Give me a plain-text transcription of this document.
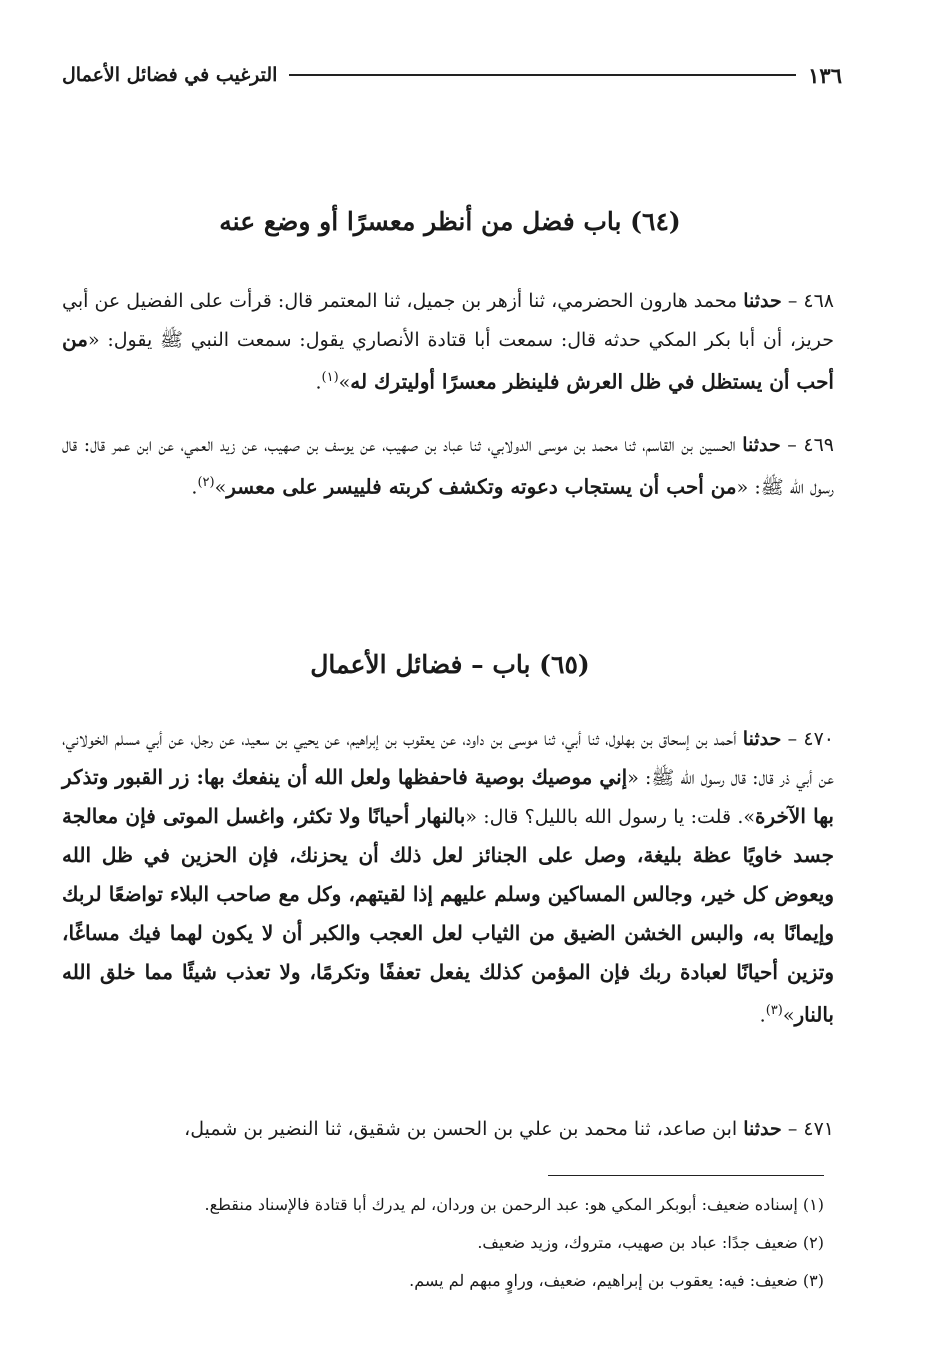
١٣٦
الترغيب في فضائل الأعمال
(٦٤) باب فضل من أنظر معسرًا أو وضع عنه
٤٦٨ – حدثنا محمد هارون الحضرمي، ثنا أزهر بن جميل، ثنا المعتمر قال: قرأت على الفضيل عن أبي حريز، أن أبا بكر المكي حدثه قال: سمعت أبا قتادة الأنصاري يقول: سمعت النبي ﷺ يقول: «من أحب أن يستظل في ظل العرش فلينظر معسرًا أوليترك له»$^{(١)}$.
٤٦٩ – حدثنا الحسين بن القاسم، ثنا محمد بن موسى الدولابي، ثنا عباد بن صهيب، عن يوسف بن صهيب، عن زيد العمي، عن ابن عمر قال: قال رسول الله ﷺ: «من أحب أن يستجاب دعوته وتكشف كربته فلييسر على معسر»$^{(٢)}$.
(٦٥) باب – فضائل الأعمال
٤٧٠ – حدثنا أحمد بن إسحاق بن بهلول، ثنا أبي، ثنا موسى بن داود، عن يعقوب بن إبراهيم، عن يحيي بن سعيد، عن رجل، عن أبي مسلم الخولاني، عن أبي ذر قال: قال رسول الله ﷺ: «إني موصيك بوصية فاحفظها ولعل الله أن ينفعك بها: زر القبور وتذكر بها الآخرة». قلت: يا رسول الله بالليل؟ قال: «بالنهار أحيانًا ولا تكثر، واغسل الموتى فإن معالجة جسد خاويًا عظة بليغة، وصل على الجنائز لعل ذلك أن يحزنك، فإن الحزين في ظل الله ويعوض كل خير، وجالس المساكين وسلم عليهم إذا لقيتهم، وكل مع صاحب البلاء تواضعًا لربك وإيمانًا به، والبس الخشن الضيق من الثياب لعل العجب والكبر أن لا يكون لهما فيك مساغًا، وتزين أحيانًا لعبادة ربك فإن المؤمن كذلك يفعل تعففًا وتكرمًا، ولا تعذب شيئًا مما خلق الله بالنار»$^{(٣)}$.
٤٧١ – حدثنا ابن صاعد، ثنا محمد بن علي بن الحسن بن شقيق، ثنا النضير بن شميل،
(١) إسناده ضعيف: أبوبكر المكي هو: عبد الرحمن بن وردان، لم يدرك أبا قتادة فالإسناد منقطع.
(٢) ضعيف جدًا: عباد بن صهيب، متروك، وزيد ضعيف.
(٣) ضعيف: فيه: يعقوب بن إبراهيم، ضعيف، وراوٍ مبهم لم يسم.
